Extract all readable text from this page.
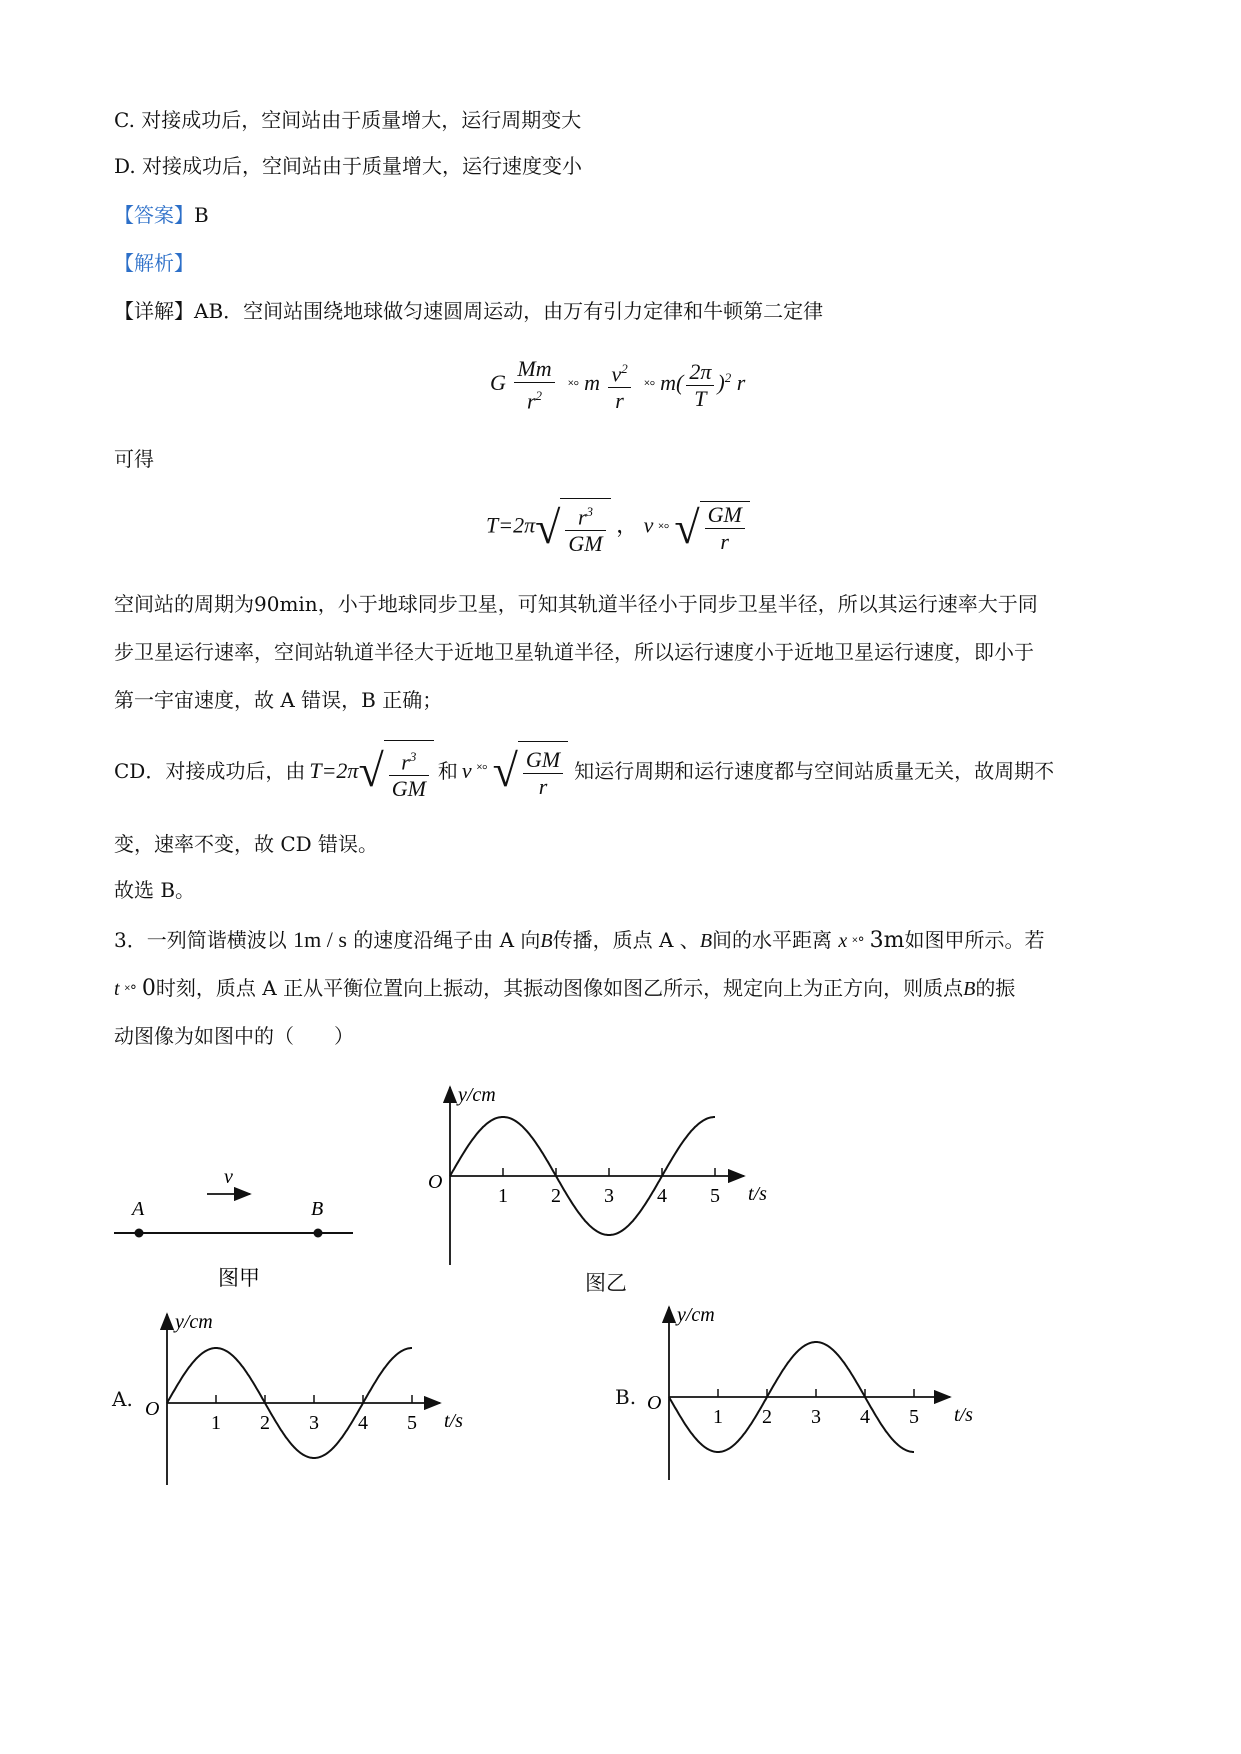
C. 对接成功后，空间站由于质量增大，运行周期变大
D. 对接成功后，空间站由于质量增大，运行速度变小
【答案】B
【解析】
【详解】AB．空间站围绕地球做匀速圆周运动，由万有引力定律和牛顿第二定律
G $\frac{Mm}{r^2}$ ˟° m $\frac{v^2}{r}$ ˟° $m( \frac{2\pi}{T} )^2$ r
可得
$T=2\pi√ \frac{r^3}{GM}$ ， v ˟° √ $\frac{GM}{r}$
空间站的周期为90min，小于地球同步卫星，可知其轨道半径小于同步卫星半径，所以其运行速率大于同
步卫星运行速率，空间站轨道半径大于近地卫星轨道半径，所以运行速度小于近地卫星运行速度，即小于
第一宇宙速度，故 A 错误，B 正确；
CD．对接成功后，由 T=2π √ $\frac{r^3}{GM}$ 和 v ˟° √ $\frac{GM}{r}$ 知运行周期和运行速度都与空间站质量无关，故周期不
变，速率不变，故 CD 错误。
故选 B。
3．一列简谐横波以 1m / s 的速度沿绳子由 A 向B传播，质点 A 、B间的水平距离 x ˟° 3m如图甲所示。若
t ˟° 0时刻，质点 A 正从平衡位置向上振动，其振动图像如图乙所示，规定向上为正方向，则质点B的振
动图像为如图中的（　　）
A	B
v
图甲
y/cm
t/s
O
1 2 3 4 5
图乙
A.
y/cm
t/s
O
1 2 3 4 5
B.
y/cm
t/s
O
1 2 3 4 5
